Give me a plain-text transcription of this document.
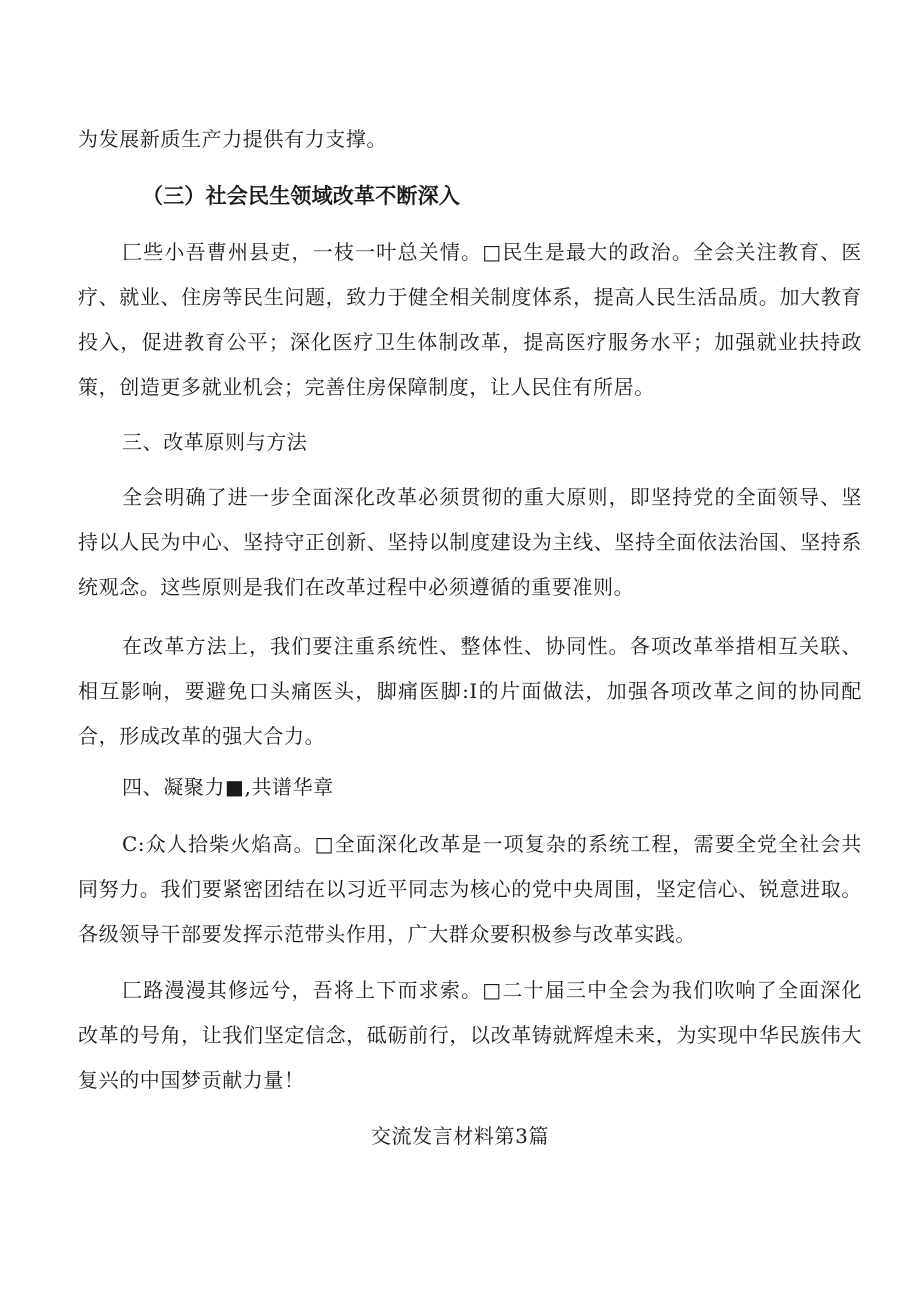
为发展新质生产力提供有力支撑。
（三）社会民生领域改革不断深入

匚些小吾曹州县吏，一枝一叶总关情。□民生是最大的政治。全会关注教育、医疗、就业、住房等民生问题，致力于健全相关制度体系，提高人民生活品质。加大教育投入，促进教育公平；深化医疗卫生体制改革，提高医疗服务水平；加强就业扶持政策，创造更多就业机会；完善住房保障制度，让人民住有所居。

三、改革原则与方法

全会明确了进一步全面深化改革必须贯彻的重大原则，即坚持党的全面领导、坚持以人民为中心、坚持守正创新、坚持以制度建设为主线、坚持全面依法治国、坚持系统观念。这些原则是我们在改革过程中必须遵循的重要准则。

在改革方法上，我们要注重系统性、整体性、协同性。各项改革举措相互关联、相互影响，要避免口头痛医头，脚痛医脚:I的片面做法，加强各项改革之间的协同配合，形成改革的强大合力。

四、凝聚力■,共谱华章

C:众人拾柴火焰高。□全面深化改革是一项复杂的系统工程，需要全党全社会共同努力。我们要紧密团结在以习近平同志为核心的党中央周围，坚定信心、锐意进取。各级领导干部要发挥示范带头作用，广大群众要积极参与改革实践。

匚路漫漫其修远兮，吾将上下而求索。□二十届三中全会为我们吹响了全面深化改革的号角，让我们坚定信念，砥砺前行，以改革铸就辉煌未来，为实现中华民族伟大复兴的中国梦贡献力量！

交流发言材料第3篇
